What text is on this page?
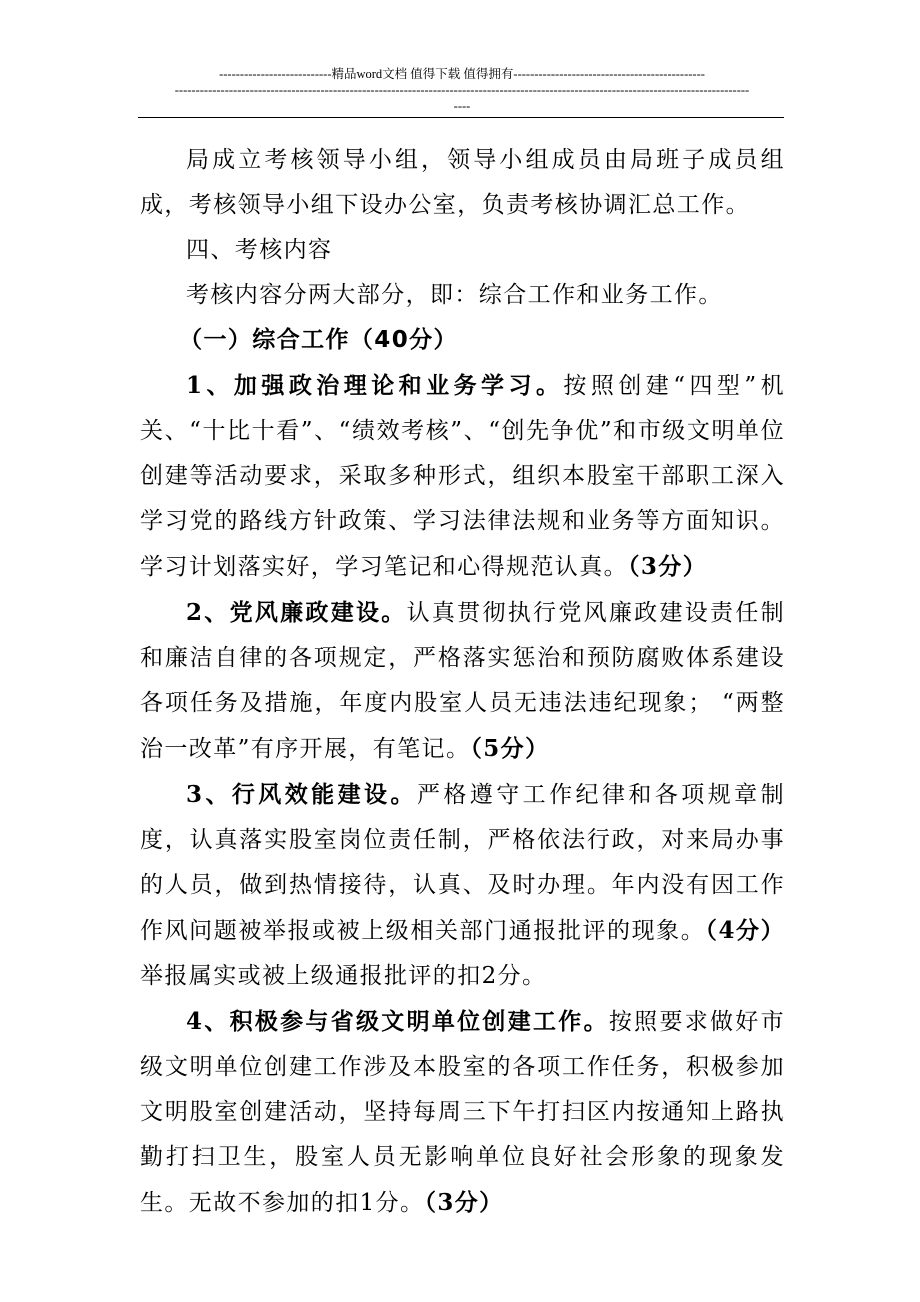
---------------------------精品word文档 值得下载 值得拥有----------------------------------------------
------------------------------------------------------------------------------------------------------------------------------------------
----

局成立考核领导小组，领导小组成员由局班子成员组成，考核领导小组下设办公室，负责考核协调汇总工作。

四、考核内容

考核内容分两大部分，即：综合工作和业务工作。

（一）综合工作（40分）

1、加强政治理论和业务学习。按照创建“四型”机关、“十比十看”、“绩效考核”、“创先争优”和市级文明单位创建等活动要求，采取多种形式，组织本股室干部职工深入学习党的路线方针政策、学习法律法规和业务等方面知识。学习计划落实好，学习笔记和心得规范认真。（3分）

2、党风廉政建设。认真贯彻执行党风廉政建设责任制和廉洁自律的各项规定，严格落实惩治和预防腐败体系建设各项任务及措施，年度内股室人员无违法违纪现象； “两整治一改革”有序开展，有笔记。（5分）

3、行风效能建设。严格遵守工作纪律和各项规章制度，认真落实股室岗位责任制，严格依法行政，对来局办事的人员，做到热情接待，认真、及时办理。年内没有因工作作风问题被举报或被上级相关部门通报批评的现象。（4分）举报属实或被上级通报批评的扣2分。

4、积极参与省级文明单位创建工作。按照要求做好市级文明单位创建工作涉及本股室的各项工作任务，积极参加文明股室创建活动，坚持每周三下午打扫区内按通知上路执勤打扫卫生，股室人员无影响单位良好社会形象的现象发生。无故不参加的扣1分。（3分）
